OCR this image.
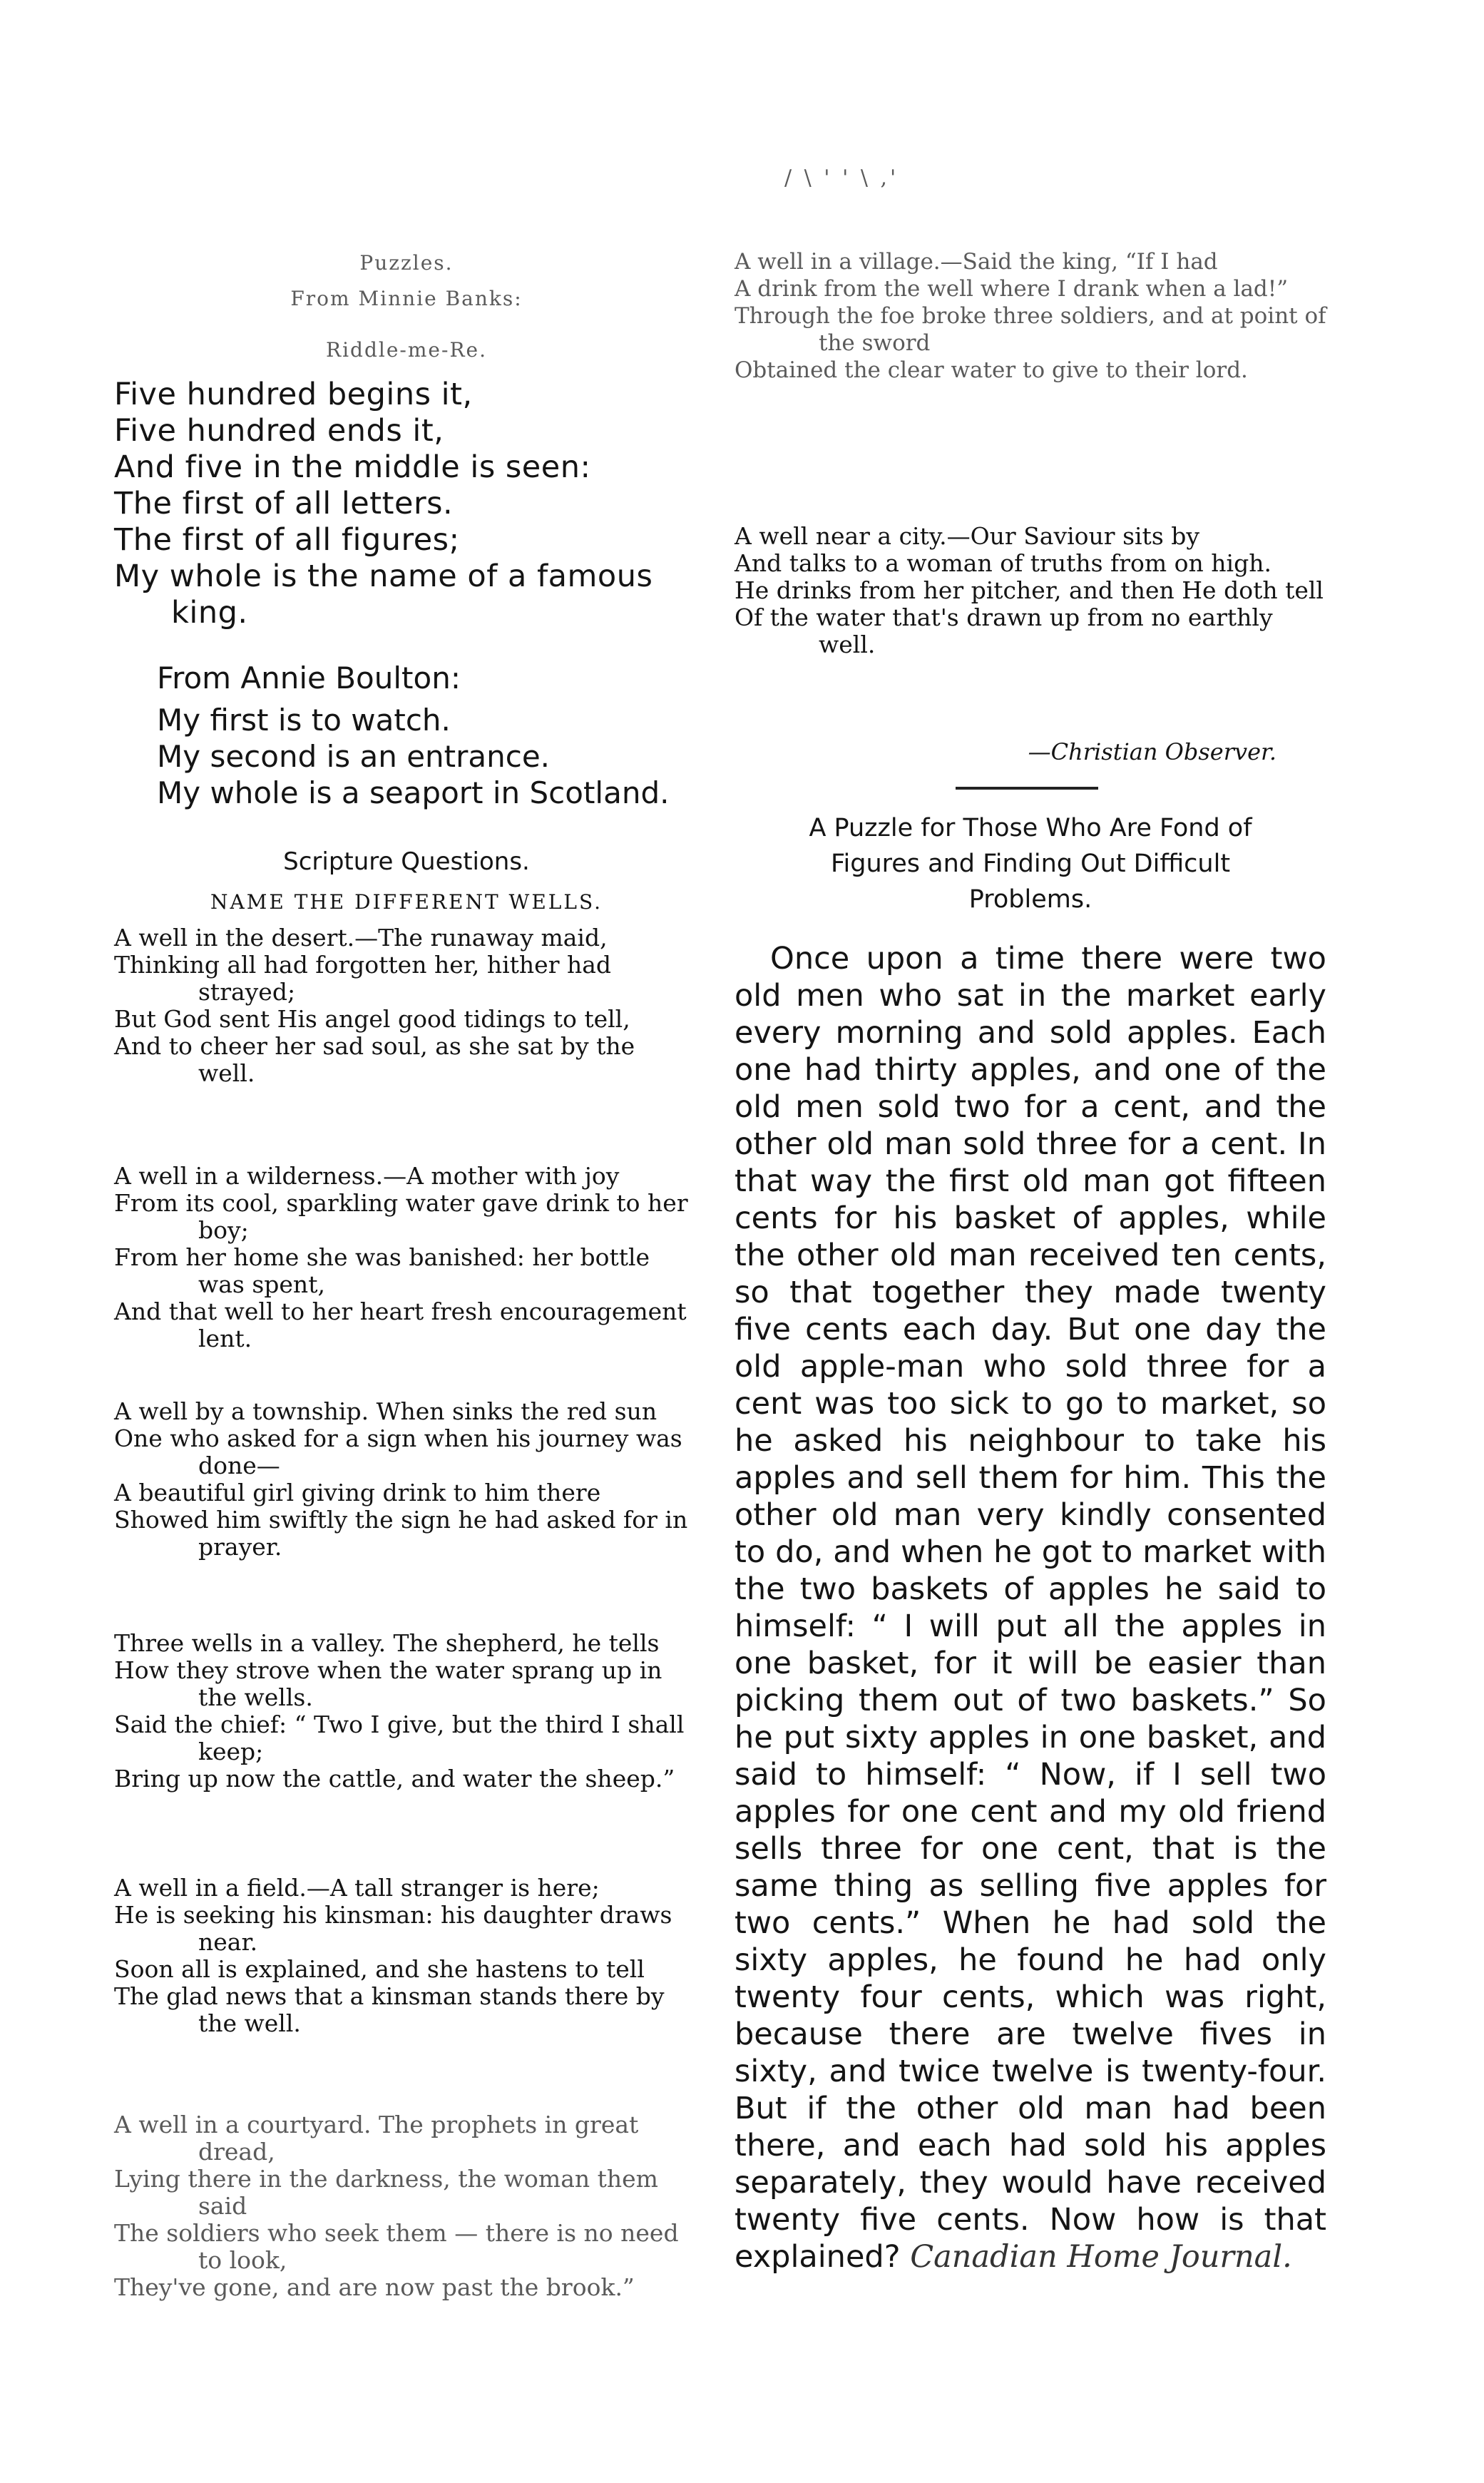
/ \ ' ' \ ,'
Puzzles.
From Minnie Banks:
Riddle-me-Re.
Five hundred begins it,
Five hundred ends it,
And five in the middle is seen:
The first of all letters.
The first of all figures;
My whole is the name of a famous
king.
From Annie Boulton:
My first is to watch.
My second is an entrance.
My whole is a seaport in Scotland.
Scripture Questions.
NAME THE DIFFERENT WELLS.

A well in the desert.—The runaway maid,

Thinking all had forgotten her, hither had strayed;

But God sent His angel good tidings to tell,

And to cheer her sad soul, as she sat by the well.

A well in a wilderness.—A mother with joy

From its cool, sparkling water gave drink to her boy;

From her home she was banished: her bottle was spent,

And that well to her heart fresh encouragement lent.

A well by a township. When sinks the red sun

One who asked for a sign when his journey was done—

A beautiful girl giving drink to him there

Showed him swiftly the sign he had asked for in prayer.

Three wells in a valley. The shepherd, he tells

How they strove when the water sprang up in the wells.

Said the chief: “ Two I give, but the third I shall keep;

Bring up now the cattle, and water the sheep.”

A well in a field.—A tall stranger is here;

He is seeking his kinsman: his daughter draws near.

Soon all is explained, and she hastens to tell

The glad news that a kinsman stands there by the well.

A well in a courtyard. The prophets in great dread,

Lying there in the darkness, the woman them said

The soldiers who seek them — there is no need to look,

They've gone, and are now past the brook.”

A well in a village.—Said the king, “If I had

A drink from the well where I drank when a lad!”

Through the foe broke three soldiers, and at point of the sword

Obtained the clear water to give to their lord.

A well near a city.—Our Saviour sits by

And talks to a woman of truths from on high.

He drinks from her pitcher, and then He doth tell

Of the water that's drawn up from no earthly well.

—Christian Observer.
A Puzzle for Those Who Are Fond of
Figures and Finding Out Difficult
Problems.
Once upon a time there were two old men who sat in the market early every morning and sold apples. Each one had thirty apples, and one of the old men sold two for a cent, and the other old man sold three for a cent. In that way the first old man got fifteen cents for his basket of apples, while the other old man received ten cents, so that together they made twenty five cents each day. But one day the old apple-man who sold three for a cent was too sick to go to market, so he asked his neighbour to take his apples and sell them for him. This the other old man very kindly consented to do, and when he got to market with the two baskets of apples he said to himself: “ I will put all the apples in one basket, for it will be easier than picking them out of two baskets.” So he put sixty apples in one basket, and said to himself: “ Now, if I sell two apples for one cent and my old friend sells three for one cent, that is the same thing as selling five apples for two cents.” When he had sold the sixty apples, he found he had only twenty four cents, which was right, because there are twelve fives in sixty, and twice twelve is twenty-four. But if the other old man had been there, and each had sold his apples separately, they would have received twenty five cents. Now how is that explained? Canadian Home Journal.
